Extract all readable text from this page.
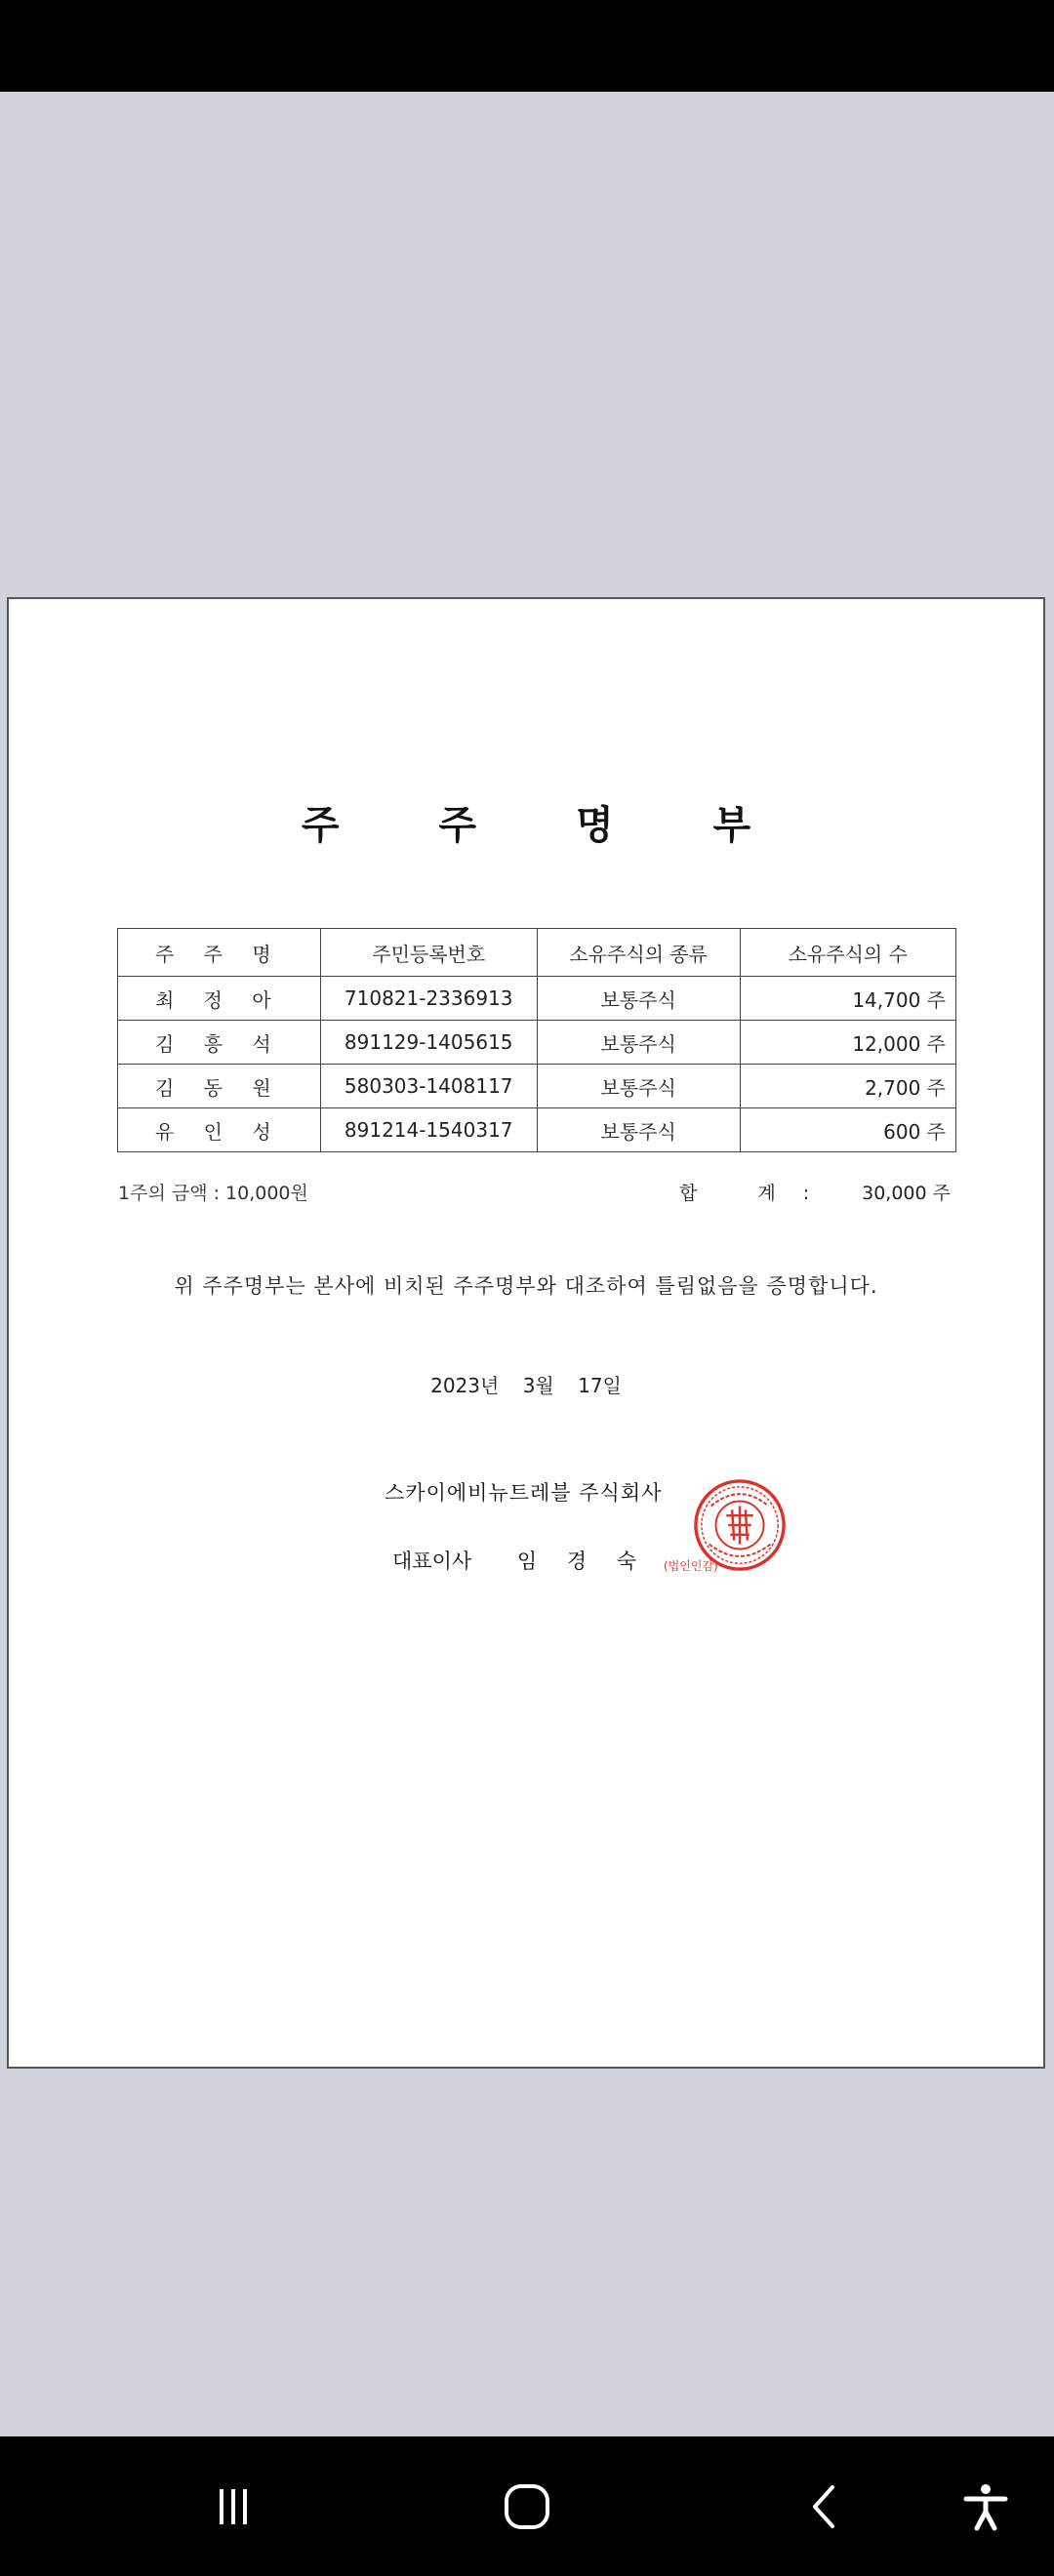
주 주 명 부
주 주 명	주민등록번호	소유주식의 종류	소유주식의 수
최 정 아	710821-2336913	보통주식	14,700 주
김 흥 석	891129-1405615	보통주식	12,000 주
김 동 원	580303-1408117	보통주식	2,700 주
유 인 성	891214-1540317	보통주식	600 주
1주의 금액 : 10,000원	합 계: 30,000 주
위 주주명부는 본사에 비치된 주주명부와 대조하여 틀림없음을 증명합니다.
2023년 3월 17일
스카이에비뉴트레블 주식회사
대표이사 임 경 숙 (법인인감)
